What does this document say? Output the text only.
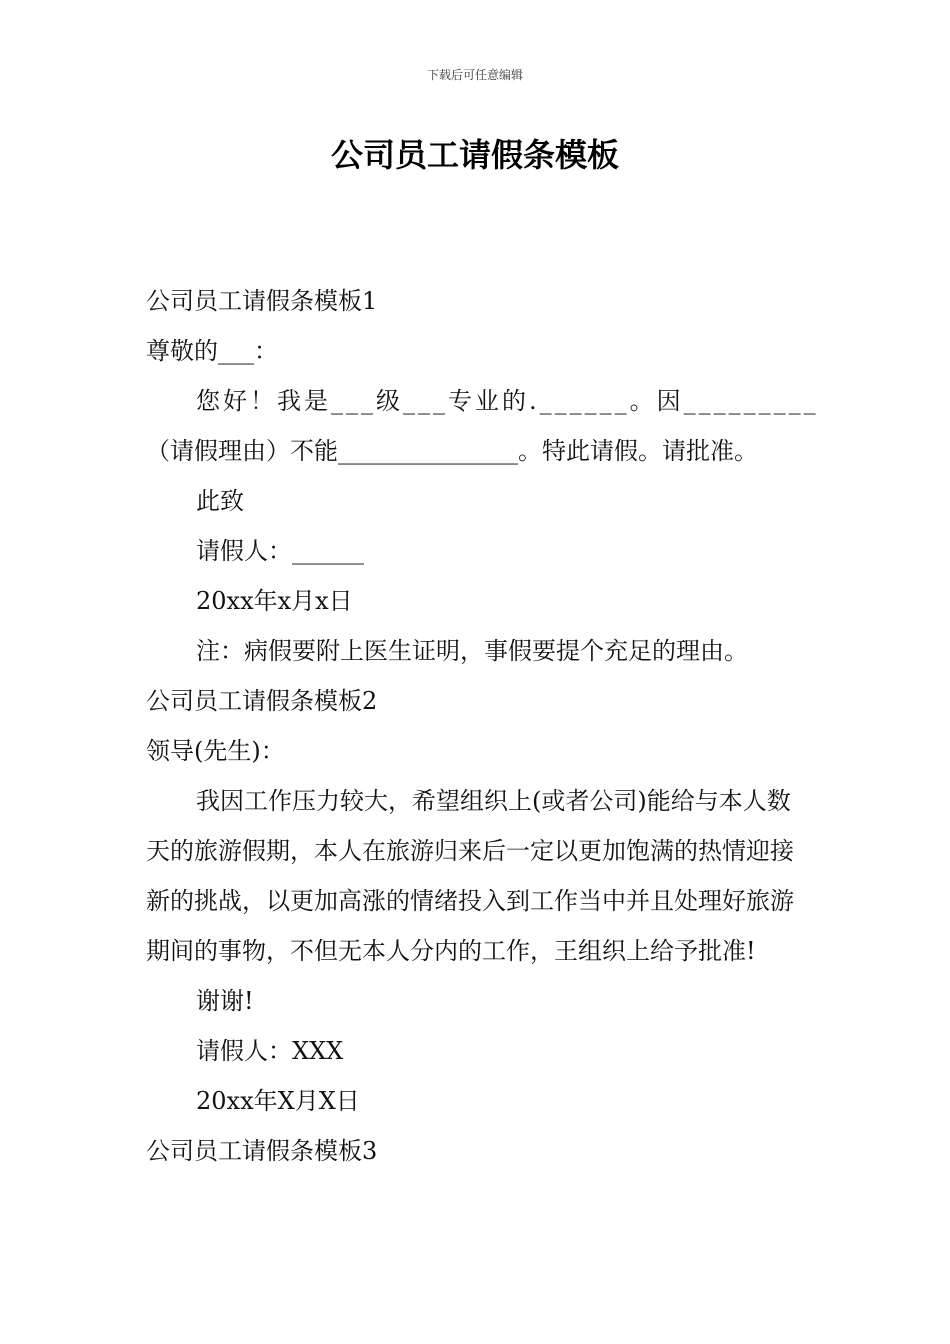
下载后可任意编辑
公司员工请假条模板
公司员工请假条模板1
尊敬的___：
您好！我是___级___专业的.______。因_________
（请假理由）不能_______________。特此请假。请批准。
此致
请假人：______
20xx年x月x日
注：病假要附上医生证明，事假要提个充足的理由。
公司员工请假条模板2
领导(先生)：
我因工作压力较大，希望组织上(或者公司)能给与本人数天的旅游假期，本人在旅游归来后一定以更加饱满的热情迎接新的挑战，以更加高涨的情绪投入到工作当中并且处理好旅游期间的事物，不但无本人分内的工作，王组织上给予批准!
谢谢!
请假人：XXX
20xx年X月X日
公司员工请假条模板3
